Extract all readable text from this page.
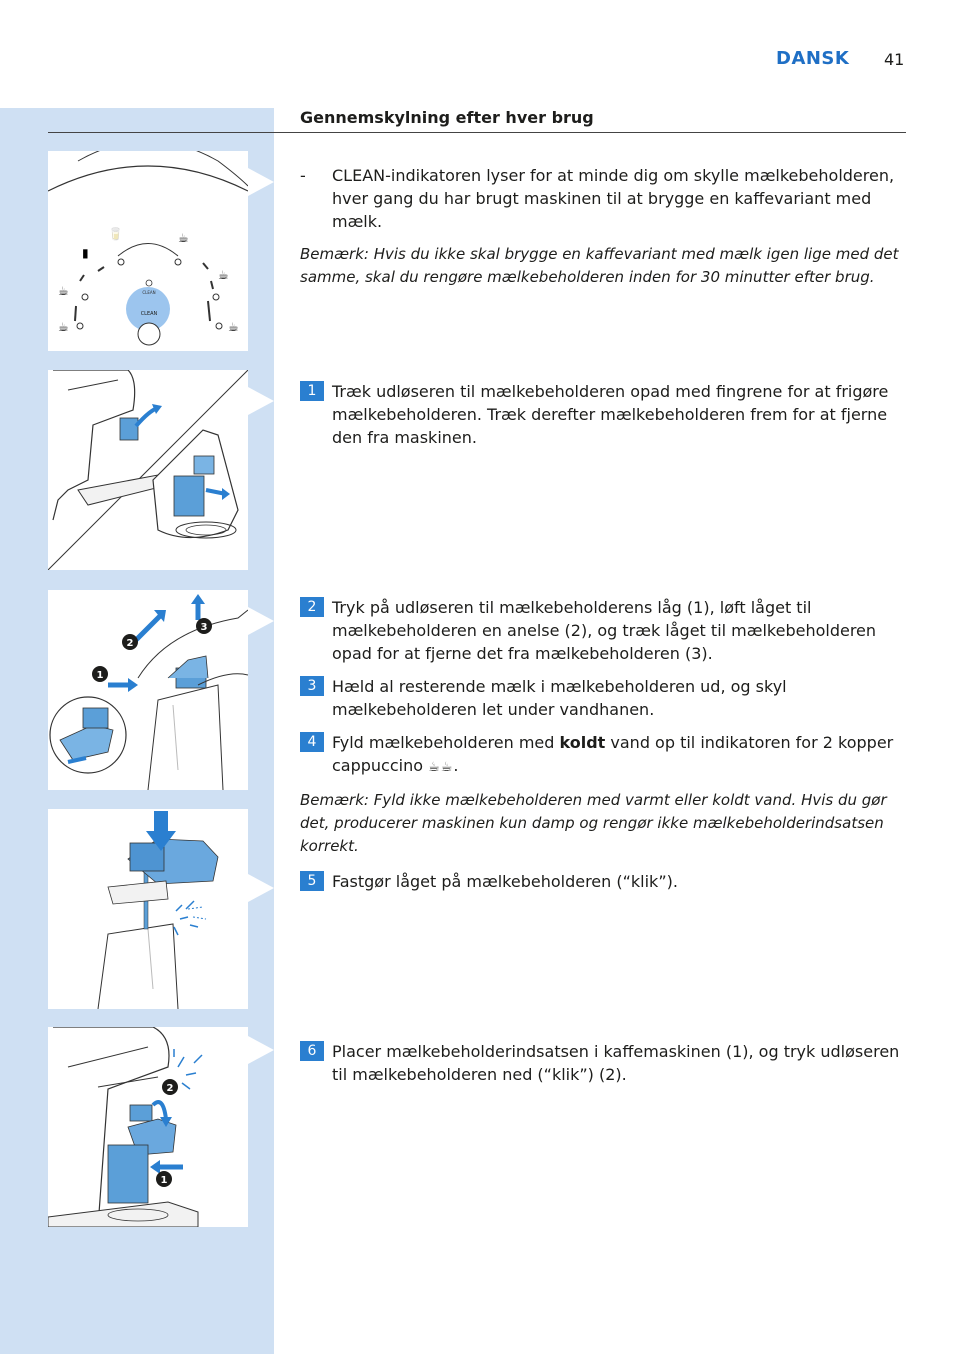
DANSK 41
Gennemskylning efter hver brug
🥛
▮
☕
☕
☕
☕
☕
CLEAN
CLEAN
1
2
3
2
1
- CLEAN-indikatoren lyser for at minde dig om skylle mælkebeholderen, hver gang du har brugt maskinen til at brygge en kaffevariant med mælk.
Bemærk: Hvis du ikke skal brygge en kaffevariant med mælk igen lige med det samme, skal du rengøre mælkebeholderen inden for 30 minutter efter brug.
1 Træk udløseren til mælkebeholderen opad med fingrene for at frigøre mælkebeholderen. Træk derefter mælkebeholderen frem for at fjerne den fra maskinen.
2 Tryk på udløseren til mælkebeholderens låg (1), løft låget til mælkebeholderen en anelse (2), og træk låget til mælkebeholderen opad for at fjerne det fra mælkebeholderen (3).
3 Hæld al resterende mælk i mælkebeholderen ud, og skyl mælkebeholderen let under vandhanen.
4 Fyld mælkebeholderen med koldt vand op til indikatoren for 2 kopper cappuccino ☕☕.
Bemærk: Fyld ikke mælkebeholderen med varmt eller koldt vand. Hvis du gør det, producerer maskinen kun damp og rengør ikke mælkebeholderindsatsen korrekt.
5 Fastgør låget på mælkebeholderen (“klik”).
6 Placer mælkebeholderindsatsen i kaffemaskinen (1), og tryk udløseren til mælkebeholderen ned (“klik”) (2).
